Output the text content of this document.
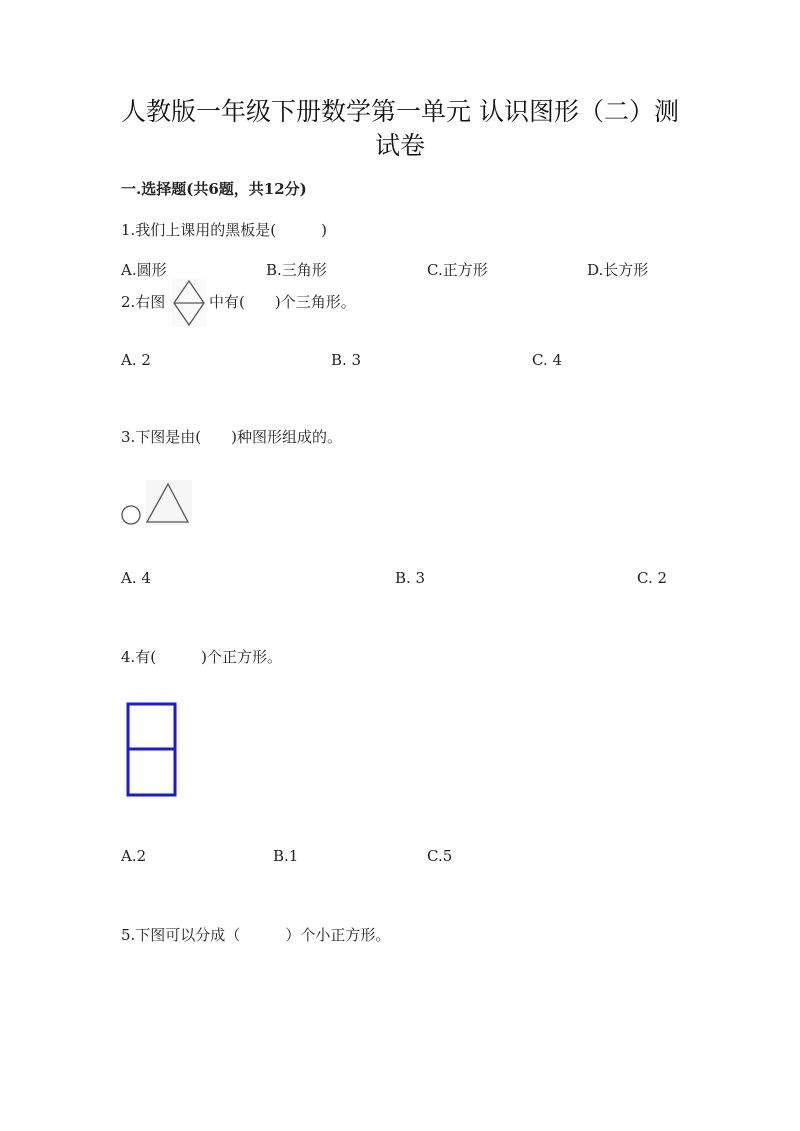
人教版一年级下册数学第一单元 认识图形（二）测
试卷
一.选择题(共6题，共12分)
1.我们上课用的黑板是(　　　)
A.圆形	B.三角形	C.正方形	D.长方形
2.右图	中有(　　)个三角形。
A. 2	B. 3	C. 4
3.下图是由(　　)种图形组成的。
A. 4	B. 3	C. 2
4.有(　　　)个正方形。
A.2	B.1	C.5
5.下图可以分成（　　　）个小正方形。
